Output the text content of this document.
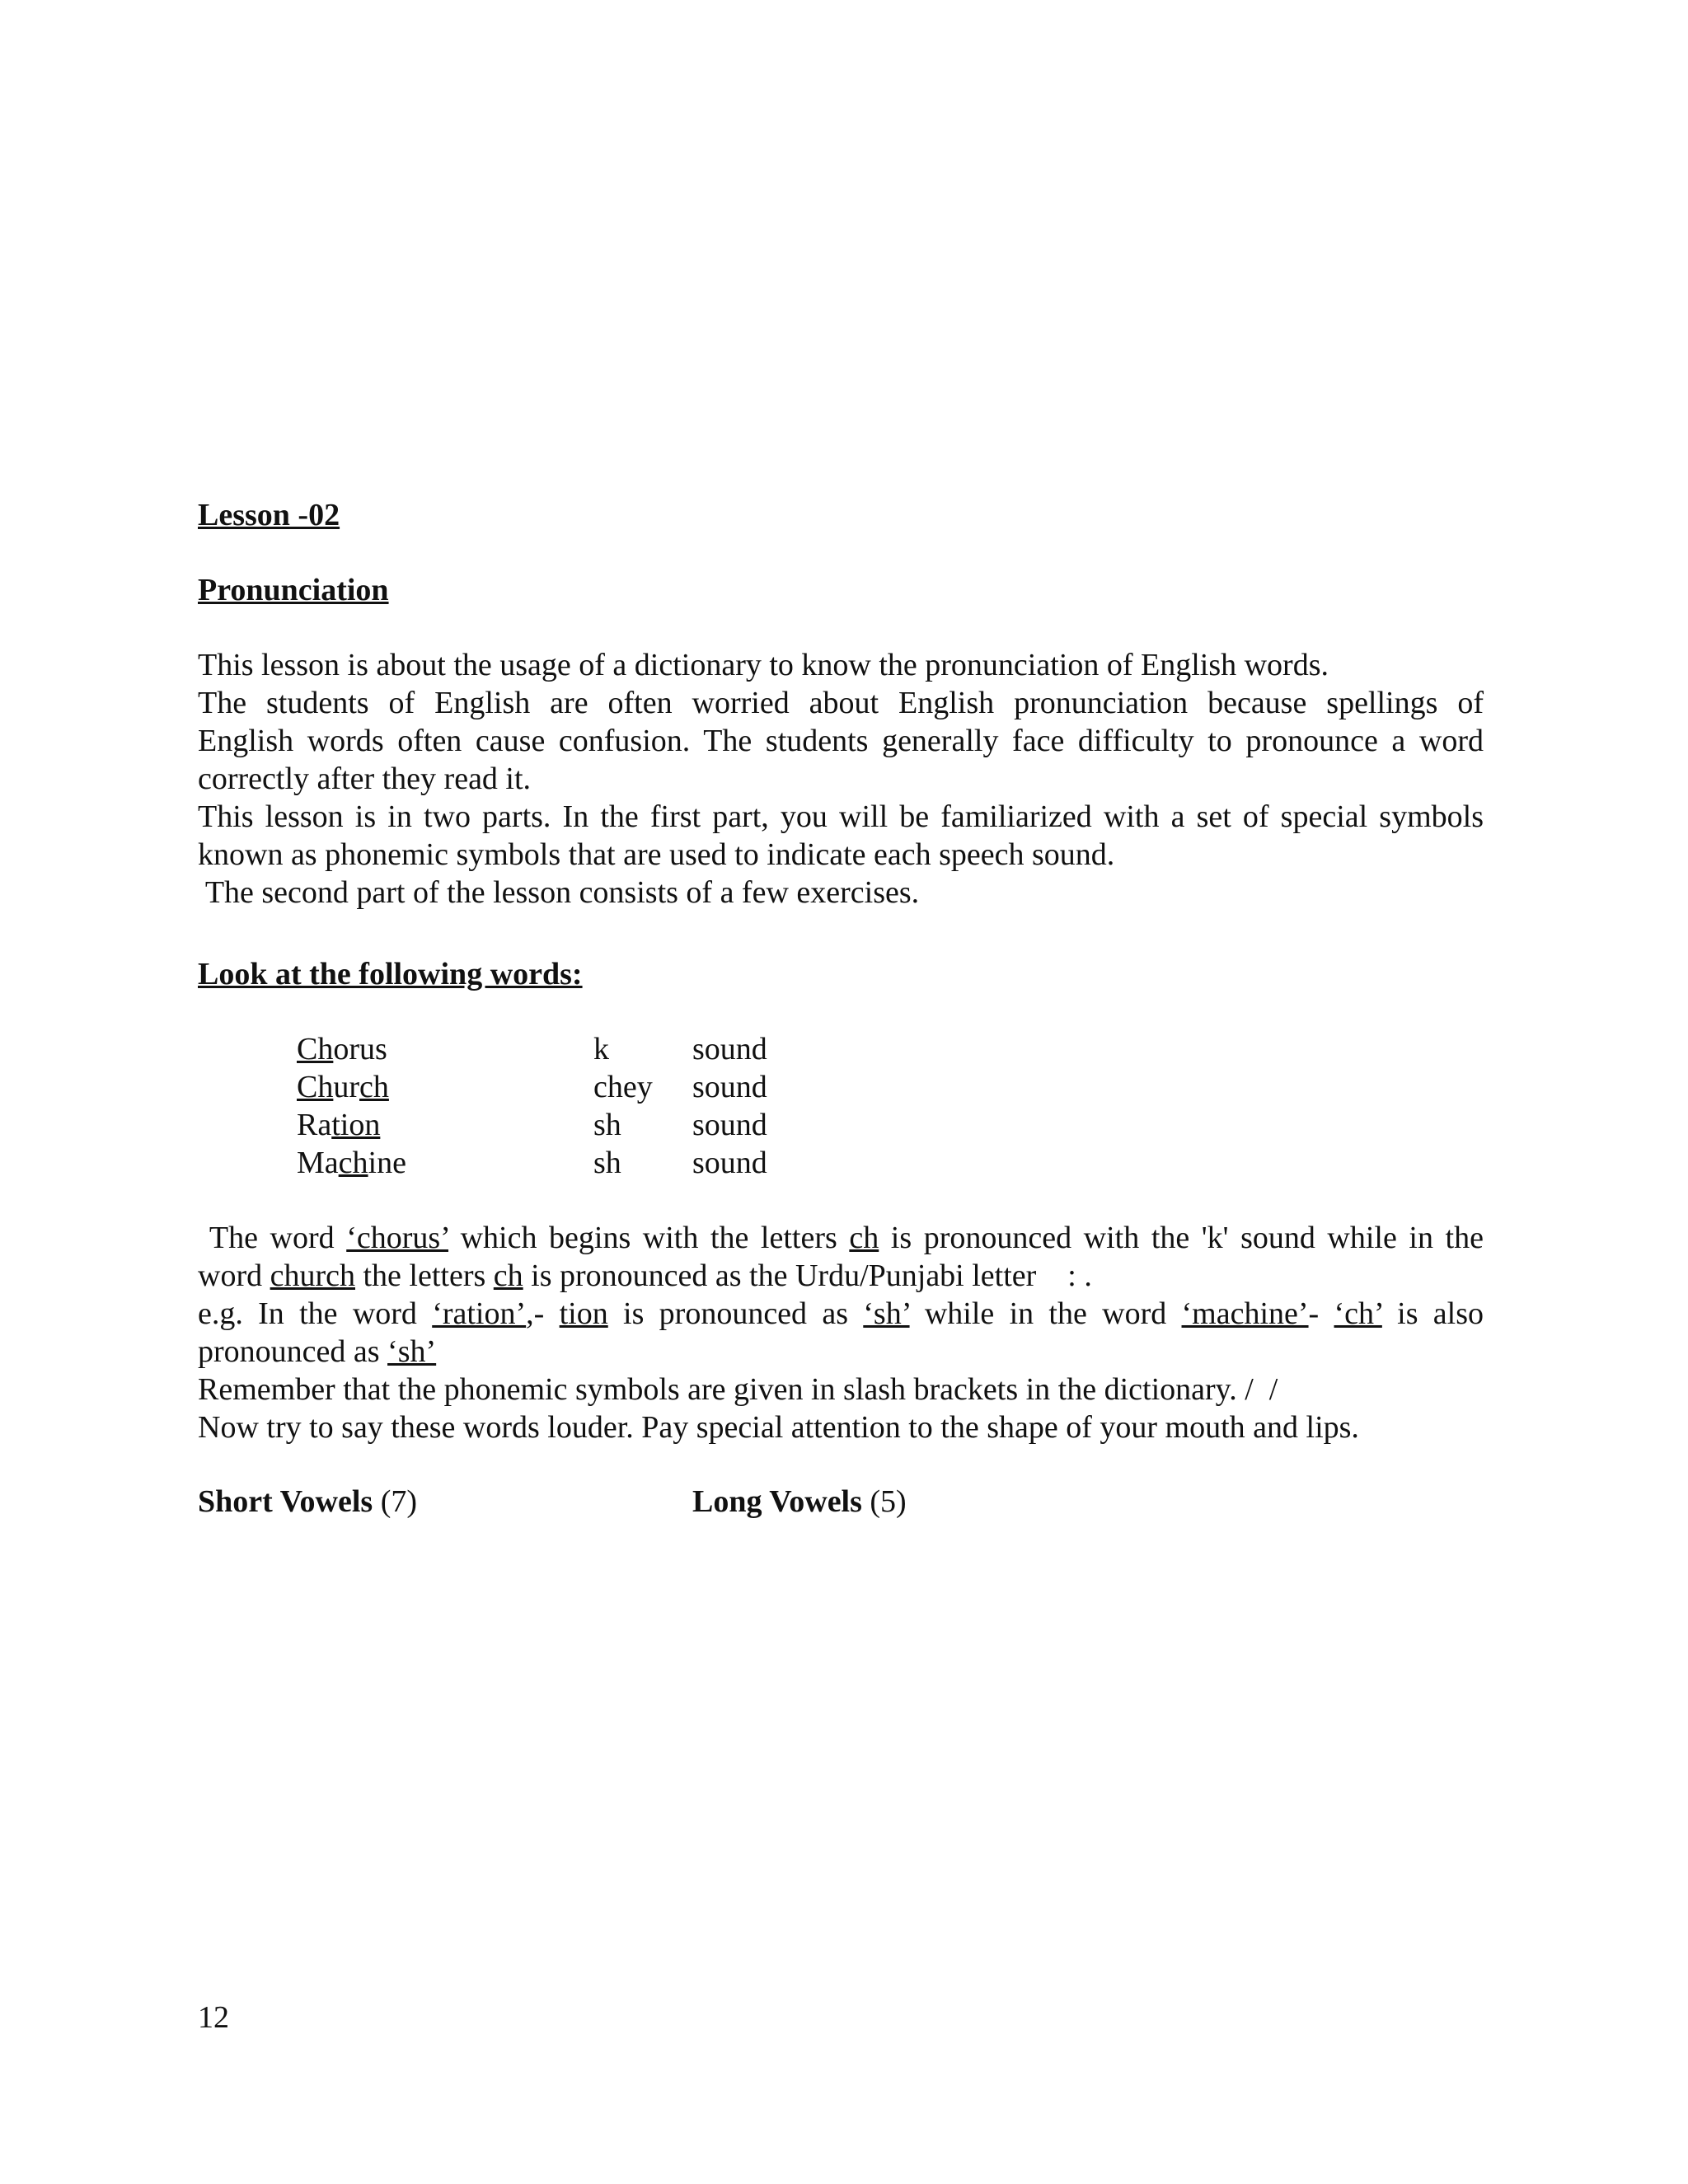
Lesson -02
Pronunciation
This lesson is about the usage of a dictionary to know the pronunciation of English words.
The students of English are often worried about English pronunciation because spellings of
English words often cause confusion. The students generally face difficulty to pronounce a word
correctly after they read it.
This lesson is in two parts. In the first part, you will be familiarized with a set of special symbols
known as phonemic symbols that are used to indicate each speech sound.
The second part of the lesson consists of a few exercises.
Look at the following words:
Chorus	k	sound
Church	chey sound
Ration	sh sound
Machine	sh sound
The word ‘chorus’ which begins with the letters ch is pronounced with the 'k' sound while in the
word church the letters ch is pronounced as the Urdu/Punjabi letter    : .
e.g. In the word ‘ration’,- tion is pronounced as ‘sh’ while in the word ‘machine’- ‘ch’ is also
pronounced as ‘sh’
Remember that the phonemic symbols are given in slash brackets in the dictionary. /  /
Now try to say these words louder. Pay special attention to the shape of your mouth and lips.
Short Vowels (7)	Long Vowels (5)
12
